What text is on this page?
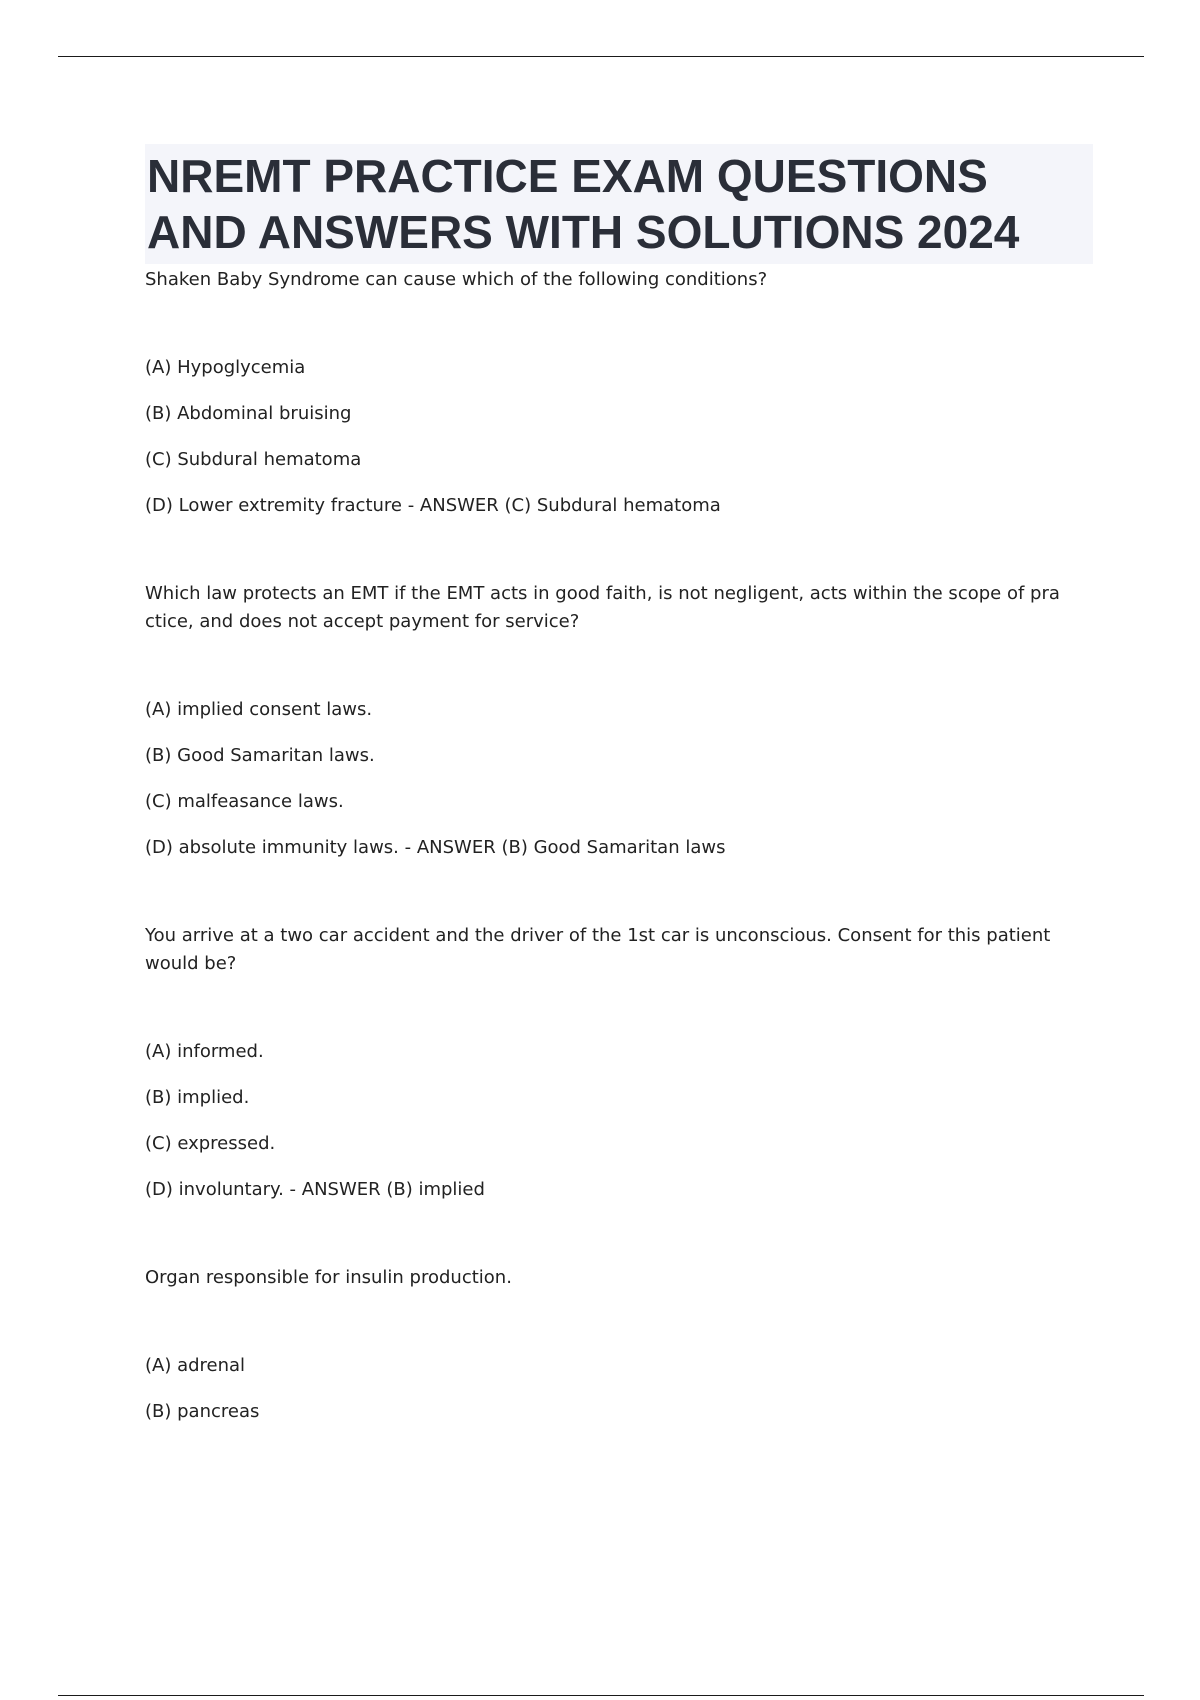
NREMT PRACTICE EXAM QUESTIONS
AND ANSWERS WITH SOLUTIONS 2024

Shaken Baby Syndrome can cause which of the following conditions?

(A) Hypoglycemia

(B) Abdominal bruising

(C) Subdural hematoma

(D) Lower extremity fracture - ANSWER (C) Subdural hematoma

Which law protects an EMT if the EMT acts in good faith, is not negligent, acts within the scope of pra ctice, and does not accept payment for service?

(A) implied consent laws.

(B) Good Samaritan laws.

(C) malfeasance laws.

(D) absolute immunity laws. - ANSWER (B) Good Samaritan laws

You arrive at a two car accident and the driver of the 1st car is unconscious. Consent for this patient would be?

(A) informed.

(B) implied.

(C) expressed.

(D) involuntary. - ANSWER (B) implied

Organ responsible for insulin production.

(A) adrenal

(B) pancreas
